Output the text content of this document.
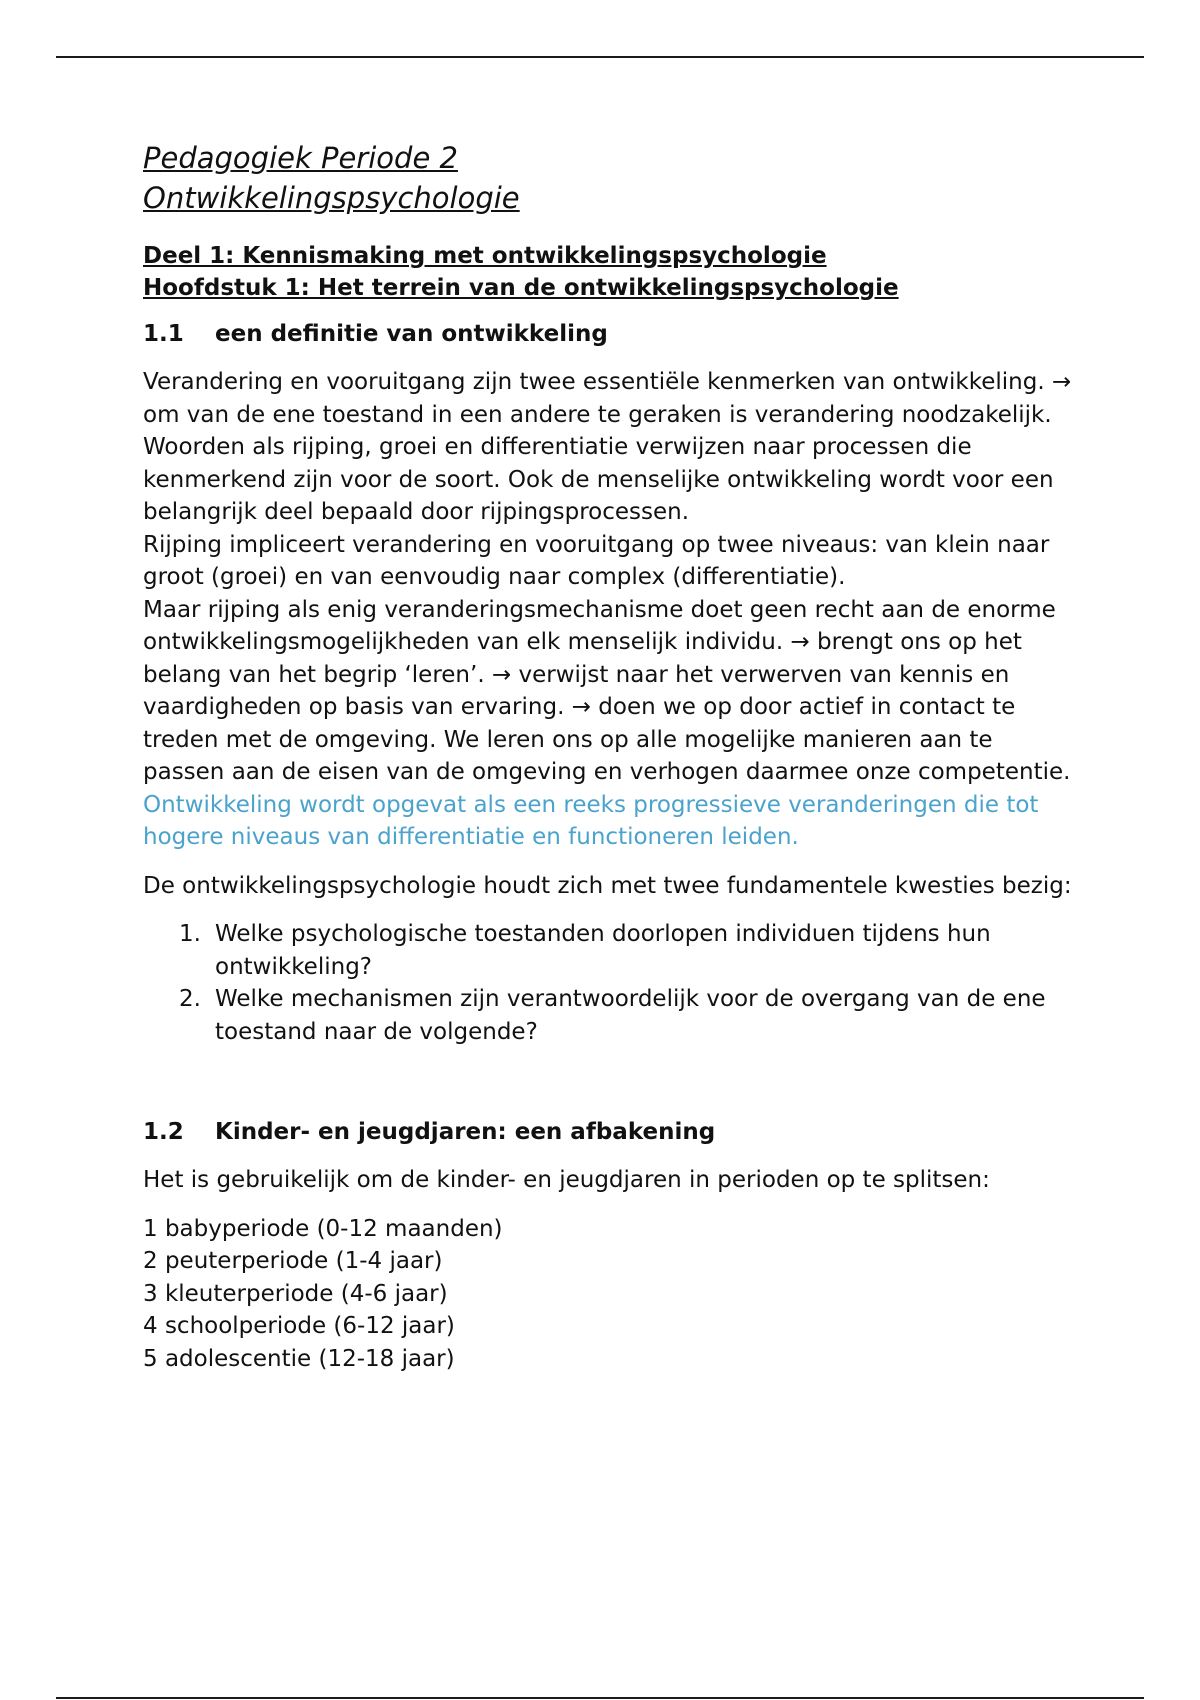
Pedagogiek Periode 2
Ontwikkelingspsychologie
Deel 1: Kennismaking met ontwikkelingspsychologie
Hoofdstuk 1: Het terrein van de ontwikkelingspsychologie
1.1	een definitie van ontwikkeling

Verandering en vooruitgang zijn twee essentiële kenmerken van ontwikkeling. → om van de ene toestand in een andere te geraken is verandering noodzakelijk.

Woorden als rijping, groei en differentiatie verwijzen naar processen die kenmerkend zijn voor de soort. Ook de menselijke ontwikkeling wordt voor een belangrijk deel bepaald door rijpingsprocessen.

Rijping impliceert verandering en vooruitgang op twee niveaus: van klein naar groot (groei) en van eenvoudig naar complex (differentiatie).

Maar rijping als enig veranderingsmechanisme doet geen recht aan de enorme ontwikkelingsmogelijkheden van elk menselijk individu. → brengt ons op het belang van het begrip ‘leren’. → verwijst naar het verwerven van kennis en vaardigheden op basis van ervaring. → doen we op door actief in contact te treden met de omgeving. We leren ons op alle mogelijke manieren aan te passen aan de eisen van de omgeving en verhogen daarmee onze competentie.

Ontwikkeling wordt opgevat als een reeks progressieve veranderingen die tot hogere niveaus van differentiatie en functioneren leiden.

De ontwikkelingspsychologie houdt zich met twee fundamentele kwesties bezig:

1. Welke psychologische toestanden doorlopen individuen tijdens hun ontwikkeling?
2. Welke mechanismen zijn verantwoordelijk voor de overgang van de ene toestand naar de volgende?
1.2	Kinder- en jeugdjaren: een afbakening

Het is gebruikelijk om de kinder- en jeugdjaren in perioden op te splitsen:

1 babyperiode (0-12 maanden)
2 peuterperiode (1-4 jaar)
3 kleuterperiode (4-6 jaar)
4 schoolperiode (6-12 jaar)
5 adolescentie (12-18 jaar)
